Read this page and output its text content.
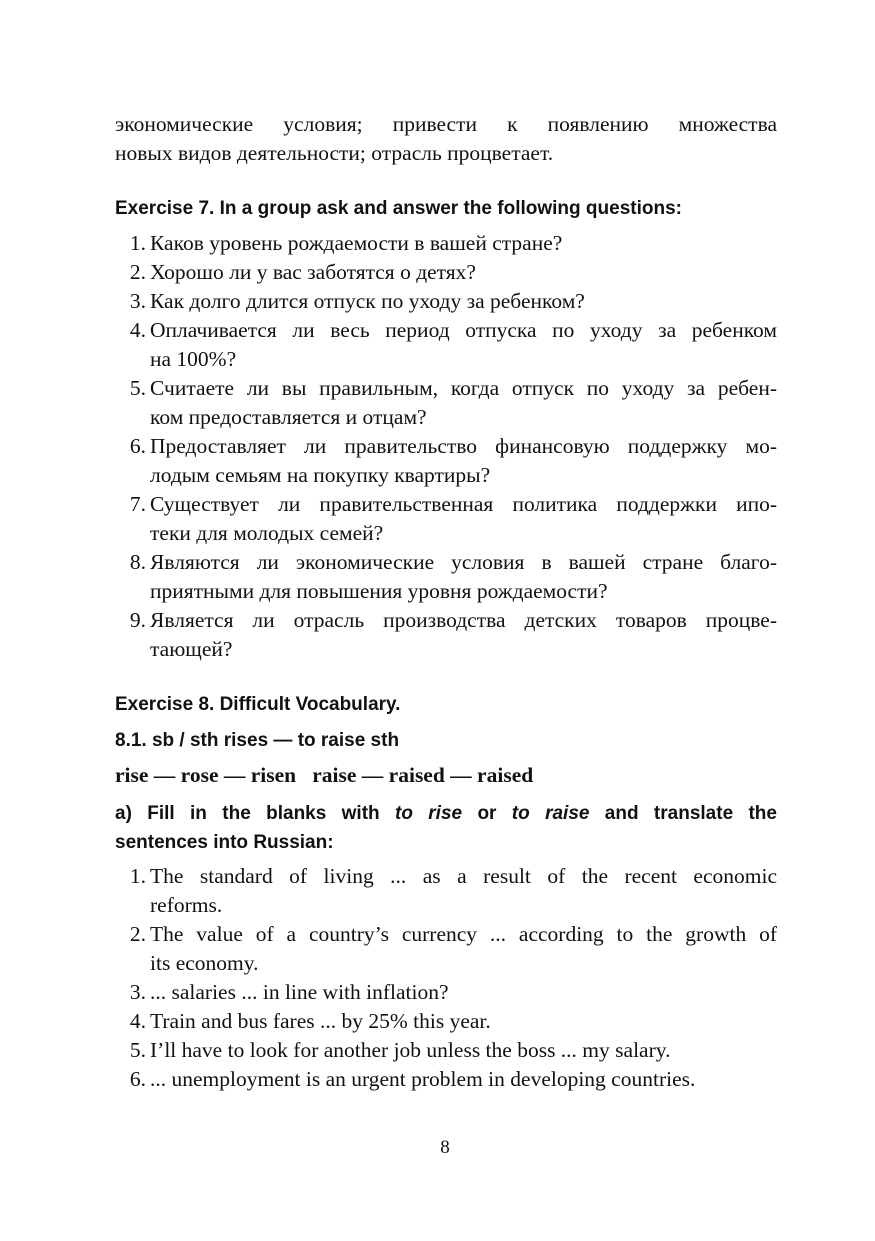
экономические условия; привести к появлению множества
новых видов деятельности; отрасль процветает.
Exercise 7. In a group ask and answer the following questions:
1. Каков уровень рождаемости в вашей стране?
2. Хорошо ли у вас заботятся о детях?
3. Как долго длится отпуск по уходу за ребенком?
4. Оплачивается ли весь период отпуска по уходу за ребенком
на 100%?
5. Считаете ли вы правильным, когда отпуск по уходу за ребен-
ком предоставляется и отцам?
6. Предоставляет ли правительство финансовую поддержку мо-
лодым семьям на покупку квартиры?
7. Существует ли правительственная политика поддержки ипо-
теки для молодых семей?
8. Являются ли экономические условия в вашей стране благо-
приятными для повышения уровня рождаемости?
9. Является ли отрасль производства детских товаров процве-
тающей?
Exercise 8. Difficult Vocabulary.
8.1. sb / sth rises — to raise sth
rise — rose — risen   raise — raised — raised
a) Fill in the blanks with to rise or to raise and translate the
sentences into Russian:
1. The standard of living ... as a result of the recent economic
reforms.
2. The value of a country’s currency ... according to the growth of
its economy.
3. ... salaries ... in line with inflation?
4. Train and bus fares ... by 25% this year.
5. I’ll have to look for another job unless the boss ... my salary.
6. ... unemployment is an urgent problem in developing countries.
8
